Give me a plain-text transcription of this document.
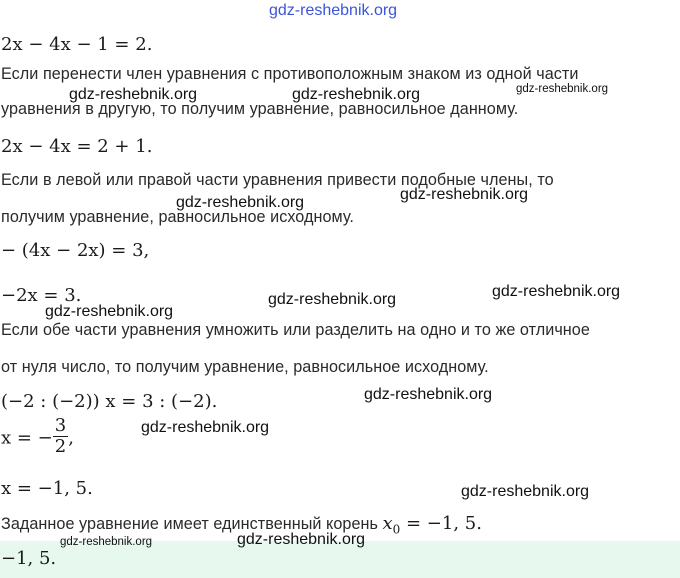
2x − 4x − 1 = 2.
Если перенести член уравнения с противоположным знаком из одной части
уравнения в другую, то получим уравнение, равносильное данному.
2x − 4x = 2 + 1.
Если в левой или правой части уравнения привести подобные члены, то
получим уравнение, равносильное исходному.
− (4x − 2x) = 3,
−2x = 3.
Если обе части уравнения умножить или разделить на одно и то же отличное
от нуля число, то получим уравнение, равносильное исходному.
(−2 : (−2)) x = 3 : (−2).
x = − $\frac{3}{2}$ ,
x = −1, 5.
Заданное уравнение имеет единственный корень $x_0 = -1$, 5.
−1, 5.
gdz-reshebnik.org
gdz-reshebnik.org	gdz-reshebnik.org	gdz-reshebnik.org
gdz-reshebnik.org	gdz-reshebnik.org
gdz-reshebnik.org
gdz-reshebnik.org
gdz-reshebnik.org
gdz-reshebnik.org
gdz-reshebnik.org
gdz-reshebnik.org
gdz-reshebnik.org
gdz-reshebnik.org
